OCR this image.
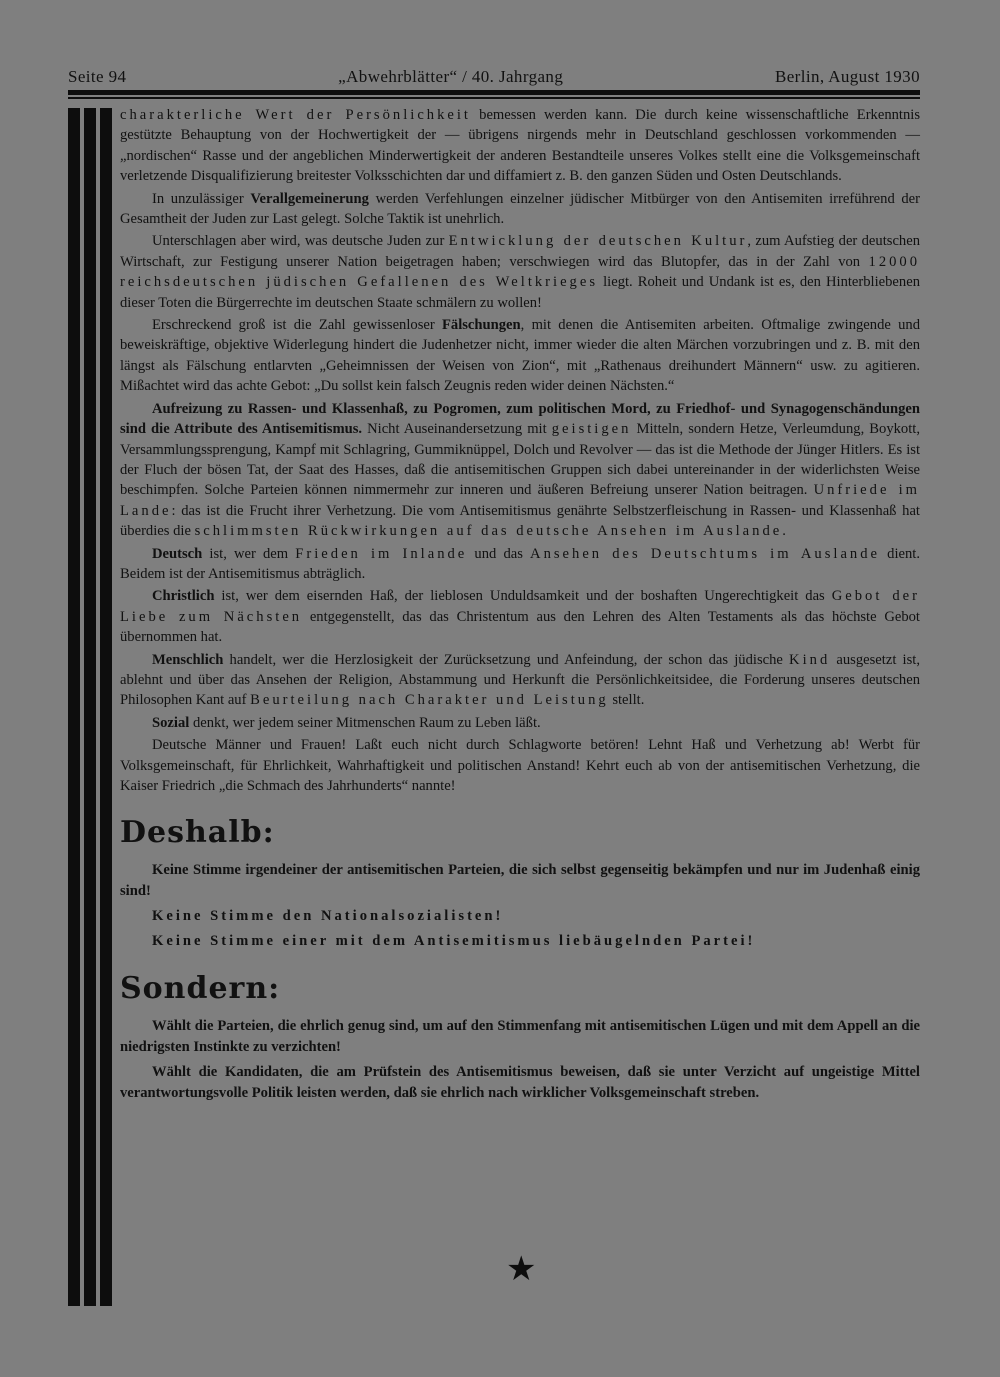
Seite 94	„Abwehrblätter“ / 40. Jahrgang	Berlin, August 1930

charakterliche Wert der Persönlichkeit bemessen werden kann. Die durch keine wissenschaftliche Erkenntnis gestützte Behauptung von der Hochwertigkeit der — übrigens nirgends mehr in Deutschland geschlossen vorkommenden — „nordischen“ Rasse und der angeblichen Minderwertigkeit der anderen Bestandteile unseres Volkes stellt eine die Volksgemeinschaft verletzende Disqualifizierung breitester Volksschichten dar und diffamiert z. B. den ganzen Süden und Osten Deutschlands.

In unzulässiger Verallgemeinerung werden Verfehlungen einzelner jüdischer Mitbürger von den Antisemiten irreführend der Gesamtheit der Juden zur Last gelegt. Solche Taktik ist unehrlich.

Unterschlagen aber wird, was deutsche Juden zur Entwicklung der deutschen Kultur, zum Aufstieg der deutschen Wirtschaft, zur Festigung unserer Nation beigetragen haben; verschwiegen wird das Blutopfer, das in der Zahl von 12000 reichsdeutschen jüdischen Gefallenen des Weltkrieges liegt. Roheit und Undank ist es, den Hinterbliebenen dieser Toten die Bürgerrechte im deutschen Staate schmälern zu wollen!

Erschreckend groß ist die Zahl gewissenloser Fälschungen, mit denen die Antisemiten arbeiten. Oftmalige zwingende und beweiskräftige, objektive Widerlegung hindert die Judenhetzer nicht, immer wieder die alten Märchen vorzubringen und z. B. mit den längst als Fälschung entlarvten „Geheimnissen der Weisen von Zion“, mit „Rathenaus dreihundert Männern“ usw. zu agitieren. Mißachtet wird das achte Gebot: „Du sollst kein falsch Zeugnis reden wider deinen Nächsten.“

Aufreizung zu Rassen- und Klassenhaß, zu Pogromen, zum politischen Mord, zu Friedhof- und Synagogenschändungen sind die Attribute des Antisemitismus. Nicht Auseinandersetzung mit geistigen Mitteln, sondern Hetze, Verleumdung, Boykott, Versammlungssprengung, Kampf mit Schlagring, Gummiknüppel, Dolch und Revolver — das ist die Methode der Jünger Hitlers. Es ist der Fluch der bösen Tat, der Saat des Hasses, daß die antisemitischen Gruppen sich dabei untereinander in der widerlichsten Weise beschimpfen. Solche Parteien können nimmermehr zur inneren und äußeren Befreiung unserer Nation beitragen. Unfriede im Lande: das ist die Frucht ihrer Verhetzung. Die vom Antisemitismus genährte Selbstzerfleischung in Rassen- und Klassenhaß hat überdies die schlimmsten Rückwirkungen auf das deutsche Ansehen im Auslande.

Deutsch ist, wer dem Frieden im Inlande und das Ansehen des Deutschtums im Auslande dient. Beidem ist der Antisemitismus abträglich.

Christlich ist, wer dem eisernden Haß, der lieblosen Unduldsamkeit und der boshaften Ungerechtigkeit das Gebot der Liebe zum Nächsten entgegenstellt, das das Christentum aus den Lehren des Alten Testaments als das höchste Gebot übernommen hat.

Menschlich handelt, wer die Herzlosigkeit der Zurücksetzung und Anfeindung, der schon das jüdische Kind ausgesetzt ist, ablehnt und über das Ansehen der Religion, Abstammung und Herkunft die Persönlichkeitsidee, die Forderung unseres deutschen Philosophen Kant auf Beurteilung nach Charakter und Leistung stellt.

Sozial denkt, wer jedem seiner Mitmenschen Raum zu Leben läßt.

Deutsche Männer und Frauen! Laßt euch nicht durch Schlagworte betören! Lehnt Haß und Verhetzung ab! Werbt für Volksgemeinschaft, für Ehrlichkeit, Wahrhaftigkeit und politischen Anstand! Kehrt euch ab von der antisemitischen Verhetzung, die Kaiser Friedrich „die Schmach des Jahrhunderts“ nannte!

Deshalb:

Keine Stimme irgendeiner der antisemitischen Parteien, die sich selbst gegenseitig bekämpfen und nur im Judenhaß einig sind!

Keine Stimme den Nationalsozialisten!

Keine Stimme einer mit dem Antisemitismus liebäugelnden Partei!

Sondern:

Wählt die Parteien, die ehrlich genug sind, um auf den Stimmenfang mit antisemitischen Lügen und mit dem Appell an die niedrigsten Instinkte zu verzichten!

Wählt die Kandidaten, die am Prüfstein des Antisemitismus beweisen, daß sie unter Verzicht auf ungeistige Mittel verantwortungsvolle Politik leisten werden, daß sie ehrlich nach wirklicher Volksgemeinschaft streben.

★
